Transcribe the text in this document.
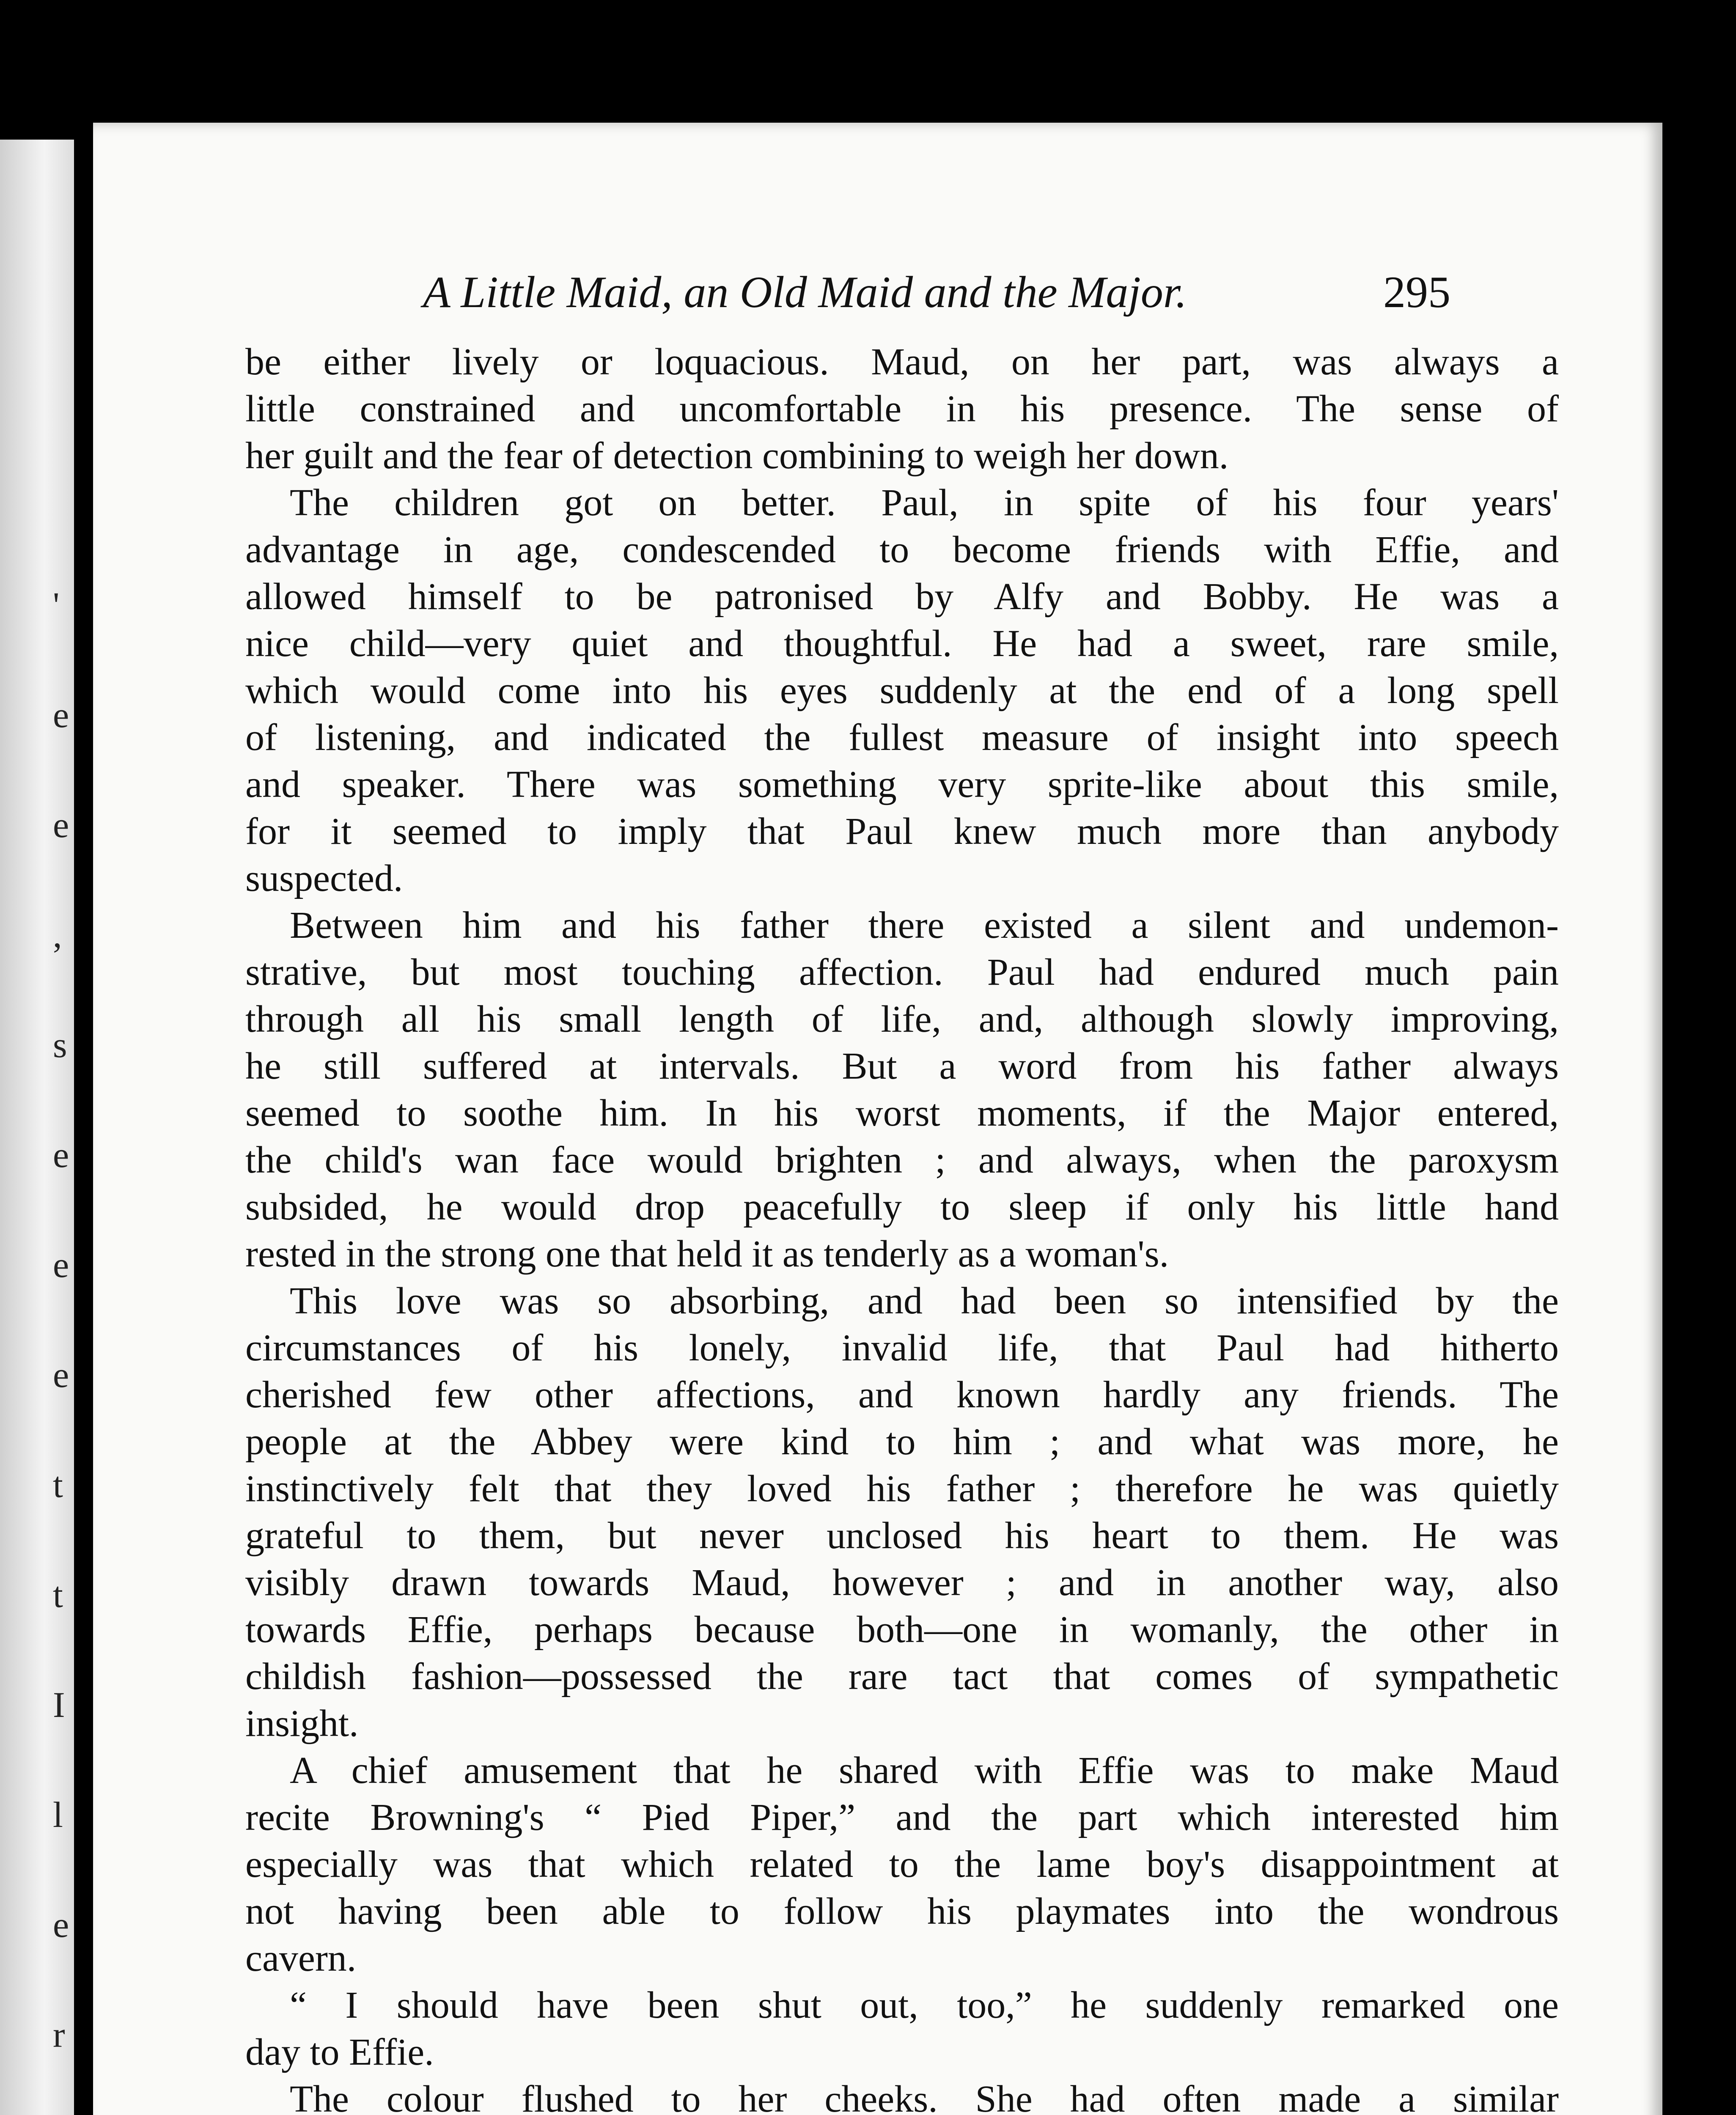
'
e
e
,
s
e
e
e
t
t
I
l
e
r
A Little Maid, an Old Maid and the Major.	295
be either lively or loquacious. Maud, on her part, was always a
little constrained and uncomfortable in his presence. The sense of
her guilt and the fear of detection combining to weigh her down.
The children got on better. Paul, in spite of his four years'
advantage in age, condescended to become friends with Effie, and
allowed himself to be patronised by Alfy and Bobby. He was a
nice child—very quiet and thoughtful. He had a sweet, rare smile,
which would come into his eyes suddenly at the end of a long spell
of listening, and indicated the fullest measure of insight into speech
and speaker. There was something very sprite-like about this smile,
for it seemed to imply that Paul knew much more than anybody
suspected.
Between him and his father there existed a silent and undemon-
strative, but most touching affection. Paul had endured much pain
through all his small length of life, and, although slowly improving,
he still suffered at intervals. But a word from his father always
seemed to soothe him. In his worst moments, if the Major entered,
the child's wan face would brighten ; and always, when the paroxysm
subsided, he would drop peacefully to sleep if only his little hand
rested in the strong one that held it as tenderly as a woman's.
This love was so absorbing, and had been so intensified by the
circumstances of his lonely, invalid life, that Paul had hitherto
cherished few other affections, and known hardly any friends. The
people at the Abbey were kind to him ; and what was more, he
instinctively felt that they loved his father ; therefore he was quietly
grateful to them, but never unclosed his heart to them. He was
visibly drawn towards Maud, however ; and in another way, also
towards Effie, perhaps because both—one in womanly, the other in
childish fashion—possessed the rare tact that comes of sympathetic
insight.
A chief amusement that he shared with Effie was to make Maud
recite Browning's “ Pied Piper,” and the part which interested him
especially was that which related to the lame boy's disappointment at
not having been able to follow his playmates into the wondrous
cavern.
“ I should have been shut out, too,” he suddenly remarked one
day to Effie.
The colour flushed to her cheeks. She had often made a similar
